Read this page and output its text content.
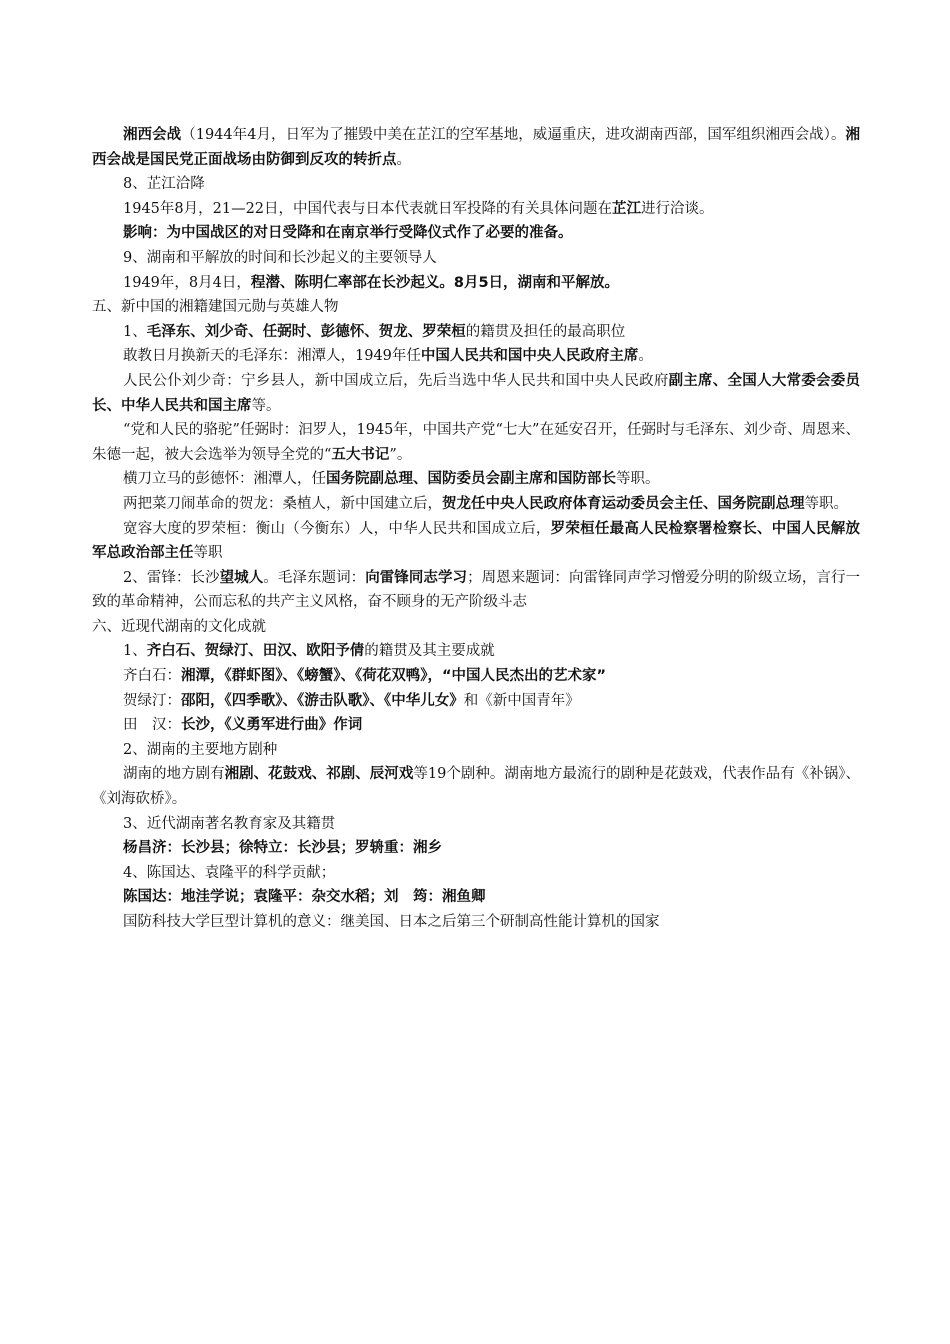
湘西会战（1944年4月，日军为了摧毁中美在芷江的空军基地，威逼重庆，进攻湖南西部，国军组织湘西会战）。湘西会战是国民党正面战场由防御到反攻的转折点。

8、芷江洽降

1945年8月，21—22日，中国代表与日本代表就日军投降的有关具体问题在芷江进行洽谈。

影响：为中国战区的对日受降和在南京举行受降仪式作了必要的准备。

9、湖南和平解放的时间和长沙起义的主要领导人

1949年，8月4日，程潜、陈明仁率部在长沙起义。8月5日，湖南和平解放。

五、新中国的湘籍建国元勋与英雄人物

1、毛泽东、刘少奇、任弼时、彭德怀、贺龙、罗荣桓的籍贯及担任的最高职位

敢教日月换新天的毛泽东：湘潭人，1949年任中国人民共和国中央人民政府主席。

人民公仆刘少奇：宁乡县人，新中国成立后，先后当选中华人民共和国中央人民政府副主席、全国人大常委会委员长、中华人民共和国主席等。

“党和人民的骆驼”任弼时：汩罗人，1945年，中国共产党“七大”在延安召开，任弼时与毛泽东、刘少奇、周恩来、朱德一起，被大会选举为领导全党的“五大书记”。

横刀立马的彭德怀：湘潭人，任国务院副总理、国防委员会副主席和国防部长等职。

两把菜刀闹革命的贺龙：桑植人，新中国建立后，贺龙任中央人民政府体育运动委员会主任、国务院副总理等职。

宽容大度的罗荣桓：衡山（今衡东）人，中华人民共和国成立后，罗荣桓任最高人民检察署检察长、中国人民解放军总政治部主任等职

2、雷锋：长沙望城人。毛泽东题词：向雷锋同志学习；周恩来题词：向雷锋同声学习憎爱分明的阶级立场，言行一致的革命精神，公而忘私的共产主义风格，奋不顾身的无产阶级斗志

六、近现代湖南的文化成就

1、齐白石、贺绿汀、田汉、欧阳予倩的籍贯及其主要成就

齐白石：湘潭，《群虾图》、《螃蟹》、《荷花双鸭》，“中国人民杰出的艺术家”

贺绿汀：邵阳，《四季歌》、《游击队歌》、《中华儿女》和《新中国青年》

田　汉：长沙，《义勇军进行曲》作词

2、湖南的主要地方剧种

湖南的地方剧有湘剧、花鼓戏、祁剧、辰河戏等19个剧种。湖南地方最流行的剧种是花鼓戏，代表作品有《补锅》、《刘海砍桥》。

3、近代湖南著名教育家及其籍贯

杨昌济：长沙县；徐特立：长沙县；罗辀重：湘乡

4、陈国达、袁隆平的科学贡献；

陈国达：地洼学说；袁隆平：杂交水稻；刘　筠：湘鱼卿

国防科技大学巨型计算机的意义：继美国、日本之后第三个研制高性能计算机的国家
